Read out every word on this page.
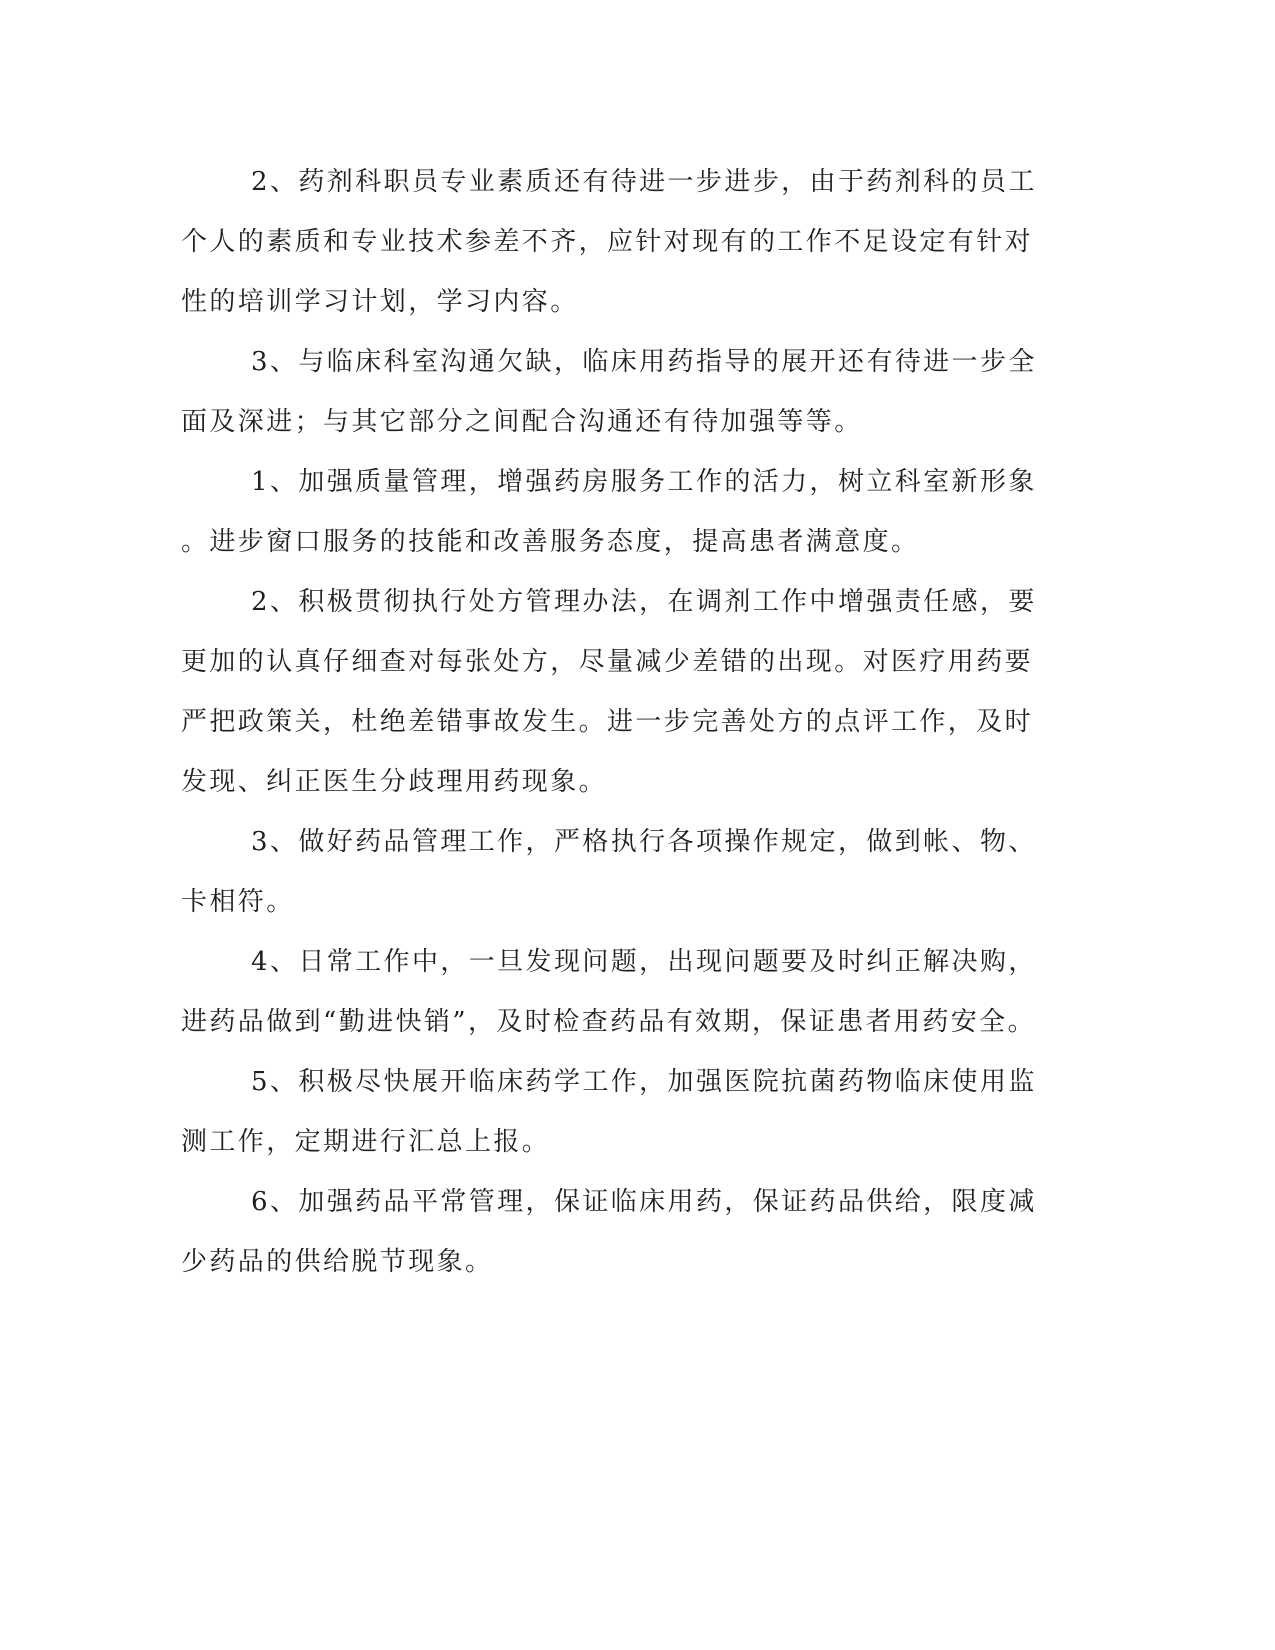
2、药剂科职员专业素质还有待进一步进步，由于药剂科的员工
个人的素质和专业技术参差不齐，应针对现有的工作不足设定有针对
性的培训学习计划，学习内容。

3、与临床科室沟通欠缺，临床用药指导的展开还有待进一步全
面及深进；与其它部分之间配合沟通还有待加强等等。

1、加强质量管理，增强药房服务工作的活力，树立科室新形象
。进步窗口服务的技能和改善服务态度，提高患者满意度。

2、积极贯彻执行处方管理办法，在调剂工作中增强责任感，要
更加的认真仔细查对每张处方，尽量减少差错的出现。对医疗用药要
严把政策关，杜绝差错事故发生。进一步完善处方的点评工作，及时
发现、纠正医生分歧理用药现象。

3、做好药品管理工作，严格执行各项操作规定，做到帐、物、
卡相符。

4、日常工作中，一旦发现问题，出现问题要及时纠正解决购，
进药品做到“勤进快销”，及时检查药品有效期，保证患者用药安全。

5、积极尽快展开临床药学工作，加强医院抗菌药物临床使用监
测工作，定期进行汇总上报。

6、加强药品平常管理，保证临床用药，保证药品供给，限度减
少药品的供给脱节现象。
